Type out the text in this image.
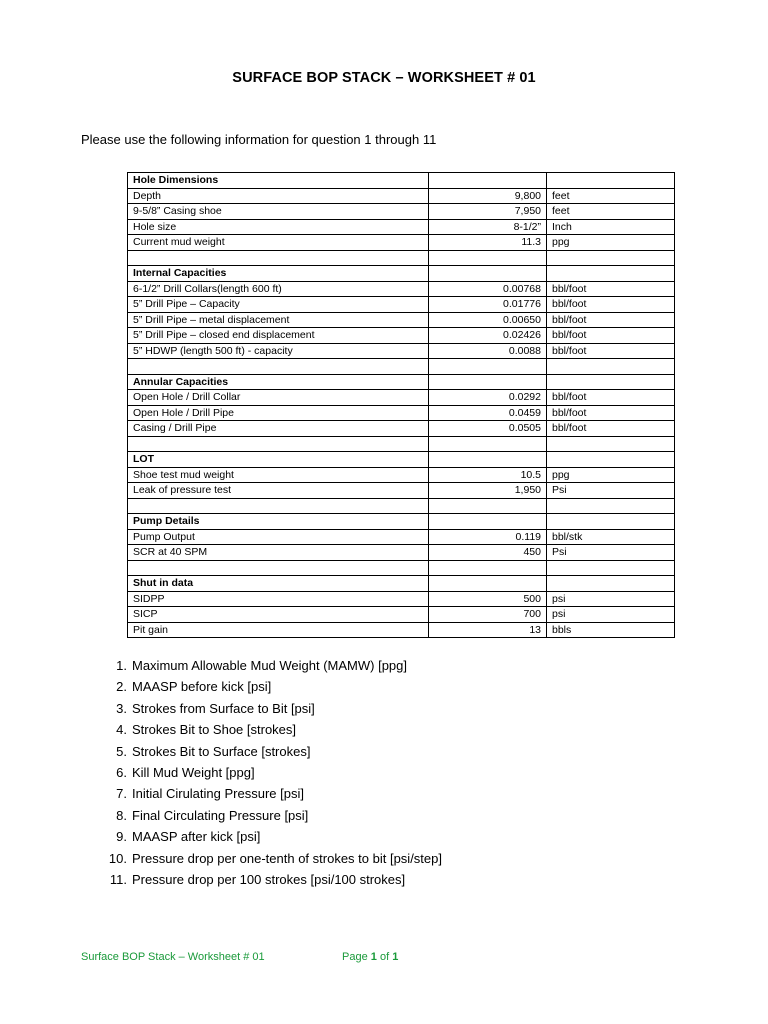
SURFACE BOP STACK – WORKSHEET # 01
Please use the following information for question 1 through 11
Hole Dimensions		
Depth	9,800	feet
9-5/8” Casing shoe	7,950	feet
Hole size	8-1/2”	Inch
Current mud weight	11.3	ppg

Internal Capacities		
6-1/2” Drill Collars(length 600 ft)	0.00768	bbl/foot
5” Drill Pipe – Capacity	0.01776	bbl/foot
5” Drill Pipe – metal displacement	0.00650	bbl/foot
5” Drill Pipe – closed end displacement	0.02426	bbl/foot
5” HDWP (length 500 ft) - capacity	0.0088	bbl/foot

Annular Capacities		
Open Hole / Drill Collar	0.0292	bbl/foot
Open Hole / Drill Pipe	0.0459	bbl/foot
Casing / Drill Pipe	0.0505	bbl/foot

LOT		
Shoe test mud weight	10.5	ppg
Leak of pressure test	1,950	Psi

Pump Details		
Pump Output	0.119	bbl/stk
SCR at 40 SPM	450	Psi

Shut in data		
SIDPP	500	psi
SICP	700	psi
Pit gain	13	bbls
1. Maximum Allowable Mud Weight (MAMW) [ppg]
2. MAASP before kick [psi]
3. Strokes from Surface to Bit [psi]
4. Strokes Bit to Shoe [strokes]
5. Strokes Bit to Surface [strokes]
6. Kill Mud Weight [ppg]
7. Initial Cirulating Pressure [psi]
8. Final Circulating Pressure [psi]
9. MAASP after kick [psi]
10. Pressure drop per one-tenth of strokes to bit [psi/step]
11. Pressure drop per 100 strokes [psi/100 strokes]
Surface BOP Stack – Worksheet # 01	Page 1 of 1
